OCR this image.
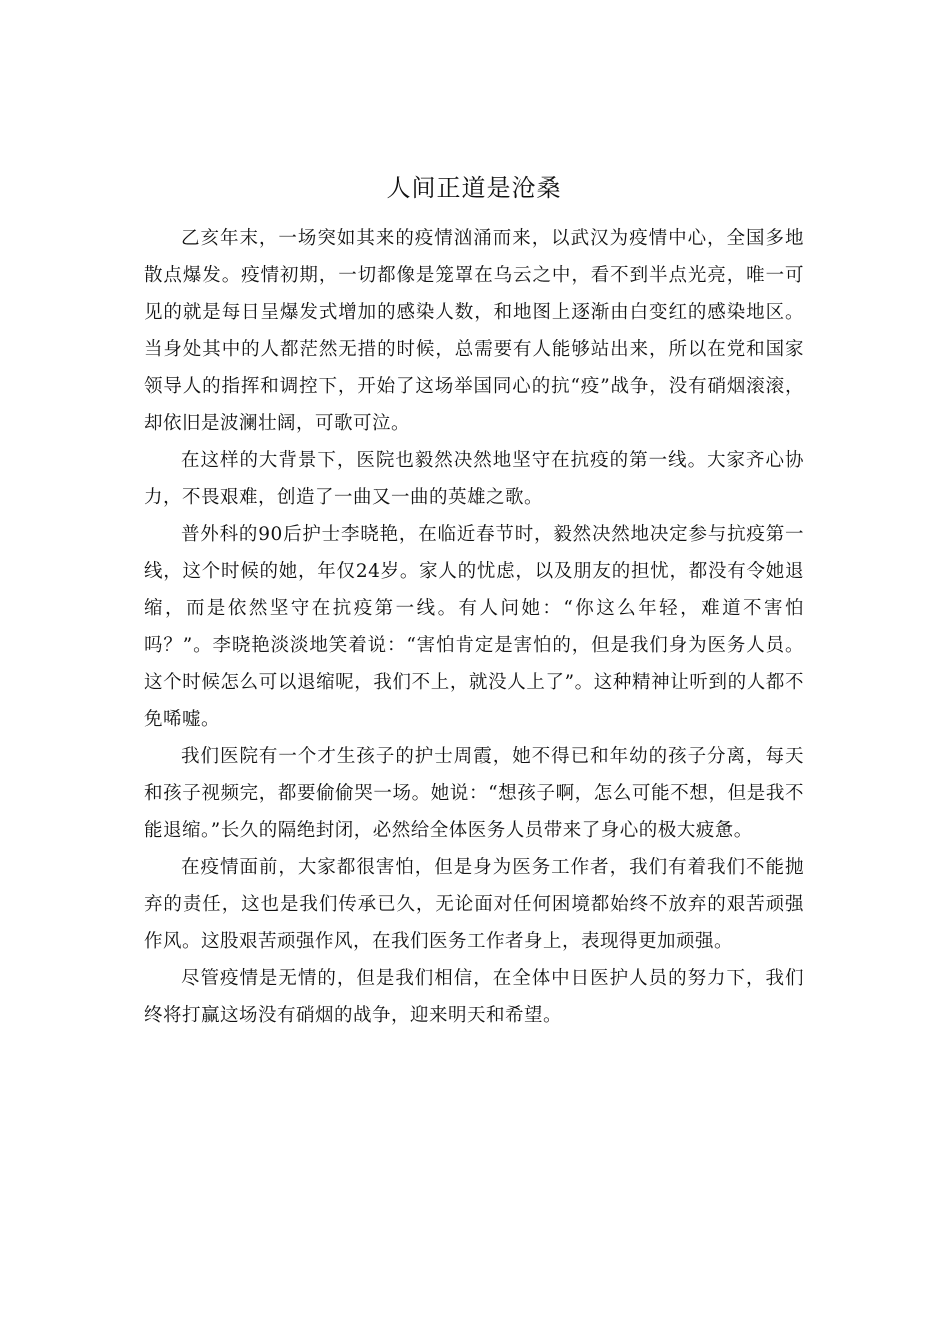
人间正道是沧桑

乙亥年末，一场突如其来的疫情汹涌而来，以武汉为疫情中心，全国多地散点爆发。疫情初期，一切都像是笼罩在乌云之中，看不到半点光亮，唯一可见的就是每日呈爆发式增加的感染人数，和地图上逐渐由白变红的感染地区。当身处其中的人都茫然无措的时候，总需要有人能够站出来，所以在党和国家领导人的指挥和调控下，开始了这场举国同心的抗“疫”战争，没有硝烟滚滚，却依旧是波澜壮阔，可歌可泣。

在这样的大背景下，医院也毅然决然地坚守在抗疫的第一线。大家齐心协力，不畏艰难，创造了一曲又一曲的英雄之歌。

普外科的90后护士李晓艳，在临近春节时，毅然决然地决定参与抗疫第一线，这个时候的她，年仅24岁。家人的忧虑，以及朋友的担忧，都没有令她退缩，而是依然坚守在抗疫第一线。有人问她：“你这么年轻，难道不害怕吗？”。李晓艳淡淡地笑着说：“害怕肯定是害怕的，但是我们身为医务人员。这个时候怎么可以退缩呢，我们不上，就没人上了”。这种精神让听到的人都不免唏嘘。

我们医院有一个才生孩子的护士周霞，她不得已和年幼的孩子分离，每天和孩子视频完，都要偷偷哭一场。她说：“想孩子啊，怎么可能不想，但是我不能退缩。”长久的隔绝封闭，必然给全体医务人员带来了身心的极大疲惫。

在疫情面前，大家都很害怕，但是身为医务工作者，我们有着我们不能抛弃的责任，这也是我们传承已久，无论面对任何困境都始终不放弃的艰苦顽强作风。这股艰苦顽强作风，在我们医务工作者身上，表现得更加顽强。

尽管疫情是无情的，但是我们相信，在全体中日医护人员的努力下，我们终将打赢这场没有硝烟的战争，迎来明天和希望。
